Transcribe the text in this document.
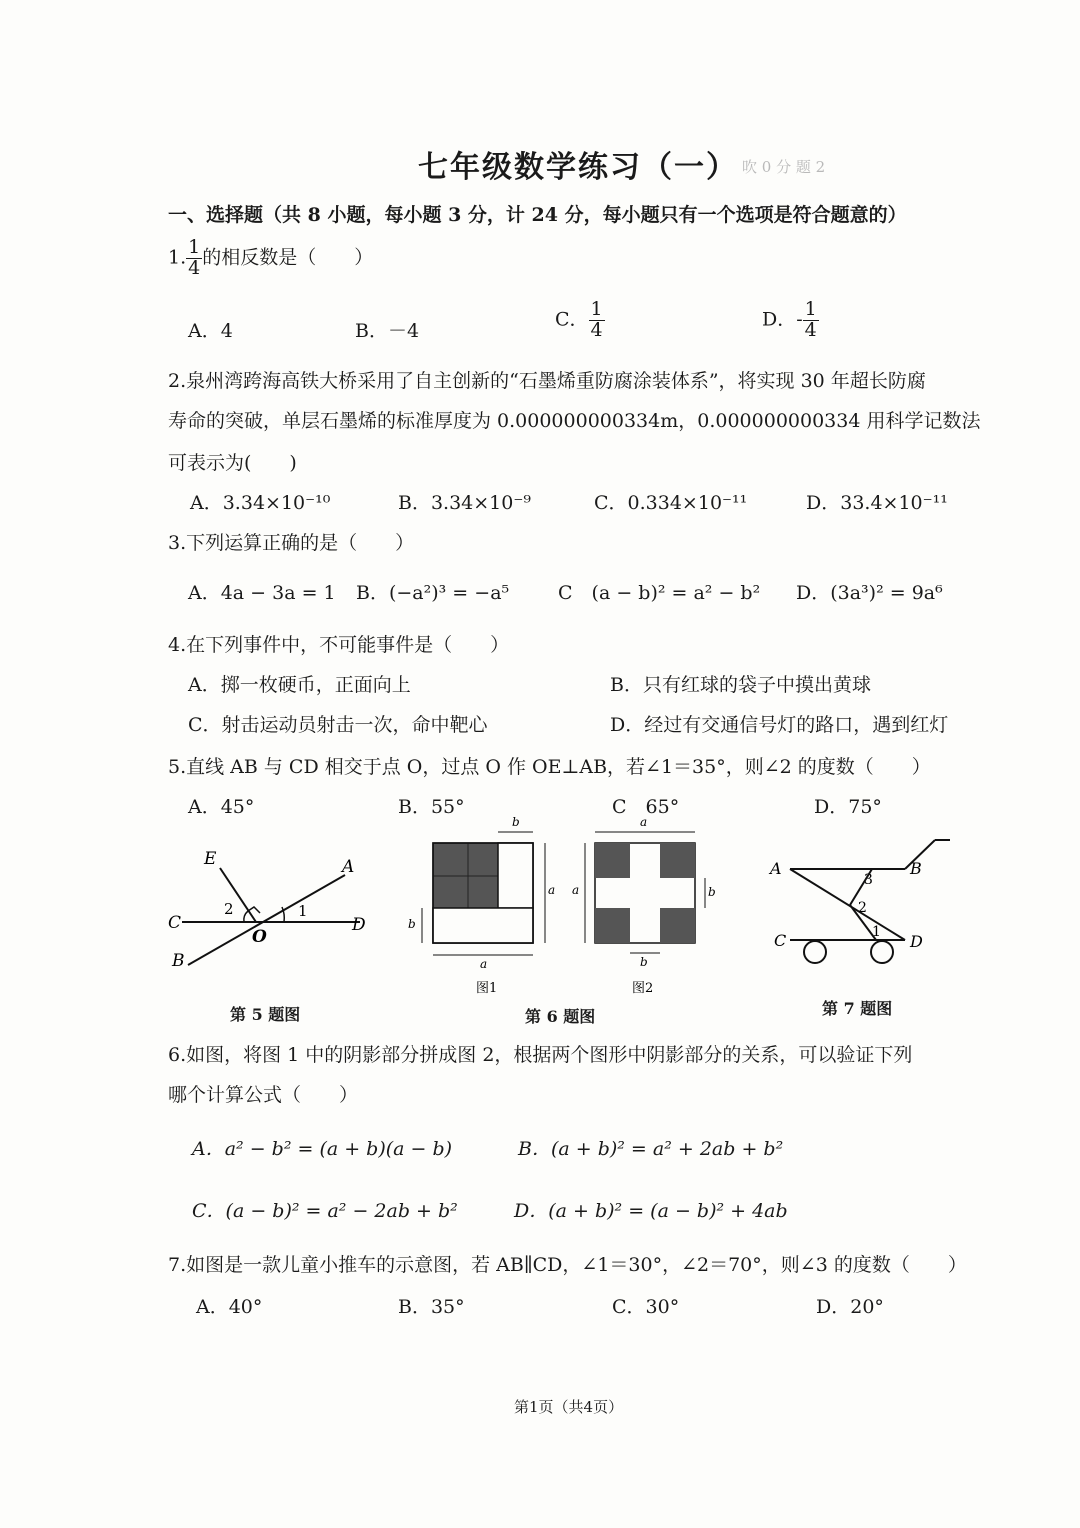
七年级数学练习（一） 吹 0 分 题 2
一、选择题（共 8 小题，每小题 3 分，计 24 分，每小题只有一个选项是符合题意的）
1. $\frac{1}{4}$ 的相反数是（　　）
A．4	B．－4
C． $\frac{1}{4}$	D．- $\frac{1}{4}$
2.泉州湾跨海高铁大桥采用了自主创新的“石墨烯重防腐涂装体系”，将实现 30 年超长防腐
寿命的突破，单层石墨烯的标准厚度为 0.000000000334m，0.000000000334 用科学记数法
可表示为(　　)
A．3.34×10⁻¹⁰	B．3.34×10⁻⁹	C．0.334×10⁻¹¹	D．33.4×10⁻¹¹
3.下列运算正确的是（　　）
A．4a − 3a = 1 B．(−a²)³ = −a⁵	C　(a − b)² = a² − b² D．(3a³)² = 9a⁶
4.在下列事件中，不可能事件是（　　）
A．掷一枚硬币，正面向上	B．只有红球的袋子中摸出黄球
C．射击运动员射击一次，命中靶心	D．经过有交通信号灯的路口，遇到红灯
5.直线 AB 与 CD 相交于点 O，过点 O 作 OE⊥AB，若∠1＝35°，则∠2 的度数（　　）
A．45°	B．55°	C　65°	D．75°
E	A
C	D
B
O
1
2
第 5 题图
a
a
b
b
图1
a
a	b
b
图2
第 6 题图
A	B
C	D
3
2
1
第 7 题图
6.如图，将图 1 中的阴影部分拼成图 2，根据两个图形中阴影部分的关系，可以验证下列
哪个计算公式（　　）
A．a² − b² = (a + b)(a − b)	B．(a + b)² = a² + 2ab + b²
C．(a − b)² = a² − 2ab + b²	D．(a + b)² = (a − b)² + 4ab
7.如图是一款儿童小推车的示意图，若 AB∥CD，∠1＝30°，∠2＝70°，则∠3 的度数（　　）
A．40°	B．35°	C．30°	D．20°
第1页（共4页）
